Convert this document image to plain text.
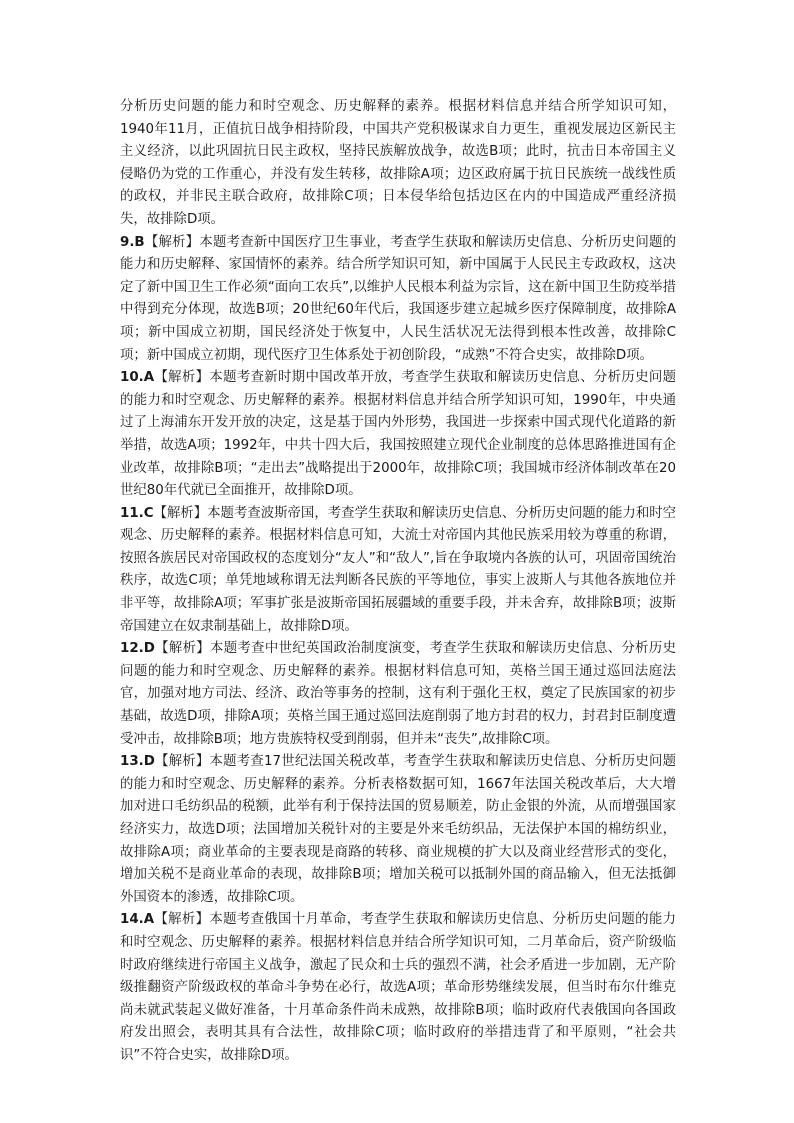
分析历史问题的能力和时空观念、历史解释的素养。根据材料信息并结合所学知识可知，1940年11月，正值抗日战争相持阶段，中国共产党积极谋求自力更生，重视发展边区新民主主义经济，以此巩固抗日民主政权，坚持民族解放战争，故选B项；此时，抗击日本帝国主义侵略仍为党的工作重心，并没有发生转移，故排除A项；边区政府属于抗日民族统一战线性质的政权，并非民主联合政府，故排除C项；日本侵华给包括边区在内的中国造成严重经济损失，故排除D项。

9.B【解析】本题考查新中国医疗卫生事业，考查学生获取和解读历史信息、分析历史问题的能力和历史解释、家国情怀的素养。结合所学知识可知，新中国属于人民民主专政政权，这决定了新中国卫生工作必须“面向工农兵”,以维护人民根本利益为宗旨，这在新中国卫生防疫举措中得到充分体现，故选B项；20世纪60年代后，我国逐步建立起城乡医疗保障制度，故排除A项；新中国成立初期，国民经济处于恢复中，人民生活状况无法得到根本性改善，故排除C项；新中国成立初期，现代医疗卫生体系处于初创阶段，“成熟”不符合史实，故排除D项。

10.A【解析】本题考查新时期中国改革开放，考查学生获取和解读历史信息、分析历史问题的能力和时空观念、历史解释的素养。根据材料信息并结合所学知识可知，1990年，中央通过了上海浦东开发开放的决定，这是基于国内外形势，我国进一步探索中国式现代化道路的新举措，故选A项；1992年，中共十四大后，我国按照建立现代企业制度的总体思路推进国有企业改革，故排除B项；“走出去”战略提出于2000年，故排除C项；我国城市经济体制改革在20世纪80年代就已全面推开，故排除D项。

11.C【解析】本题考查波斯帝国，考查学生获取和解读历史信息、分析历史问题的能力和时空观念、历史解释的素养。根据材料信息可知，大流士对帝国内其他民族采用较为尊重的称谓，按照各族居民对帝国政权的态度划分“友人”和“敌人”,旨在争取境内各族的认可，巩固帝国统治秩序，故选C项；单凭地域称谓无法判断各民族的平等地位，事实上波斯人与其他各族地位并非平等，故排除A项；军事扩张是波斯帝国拓展疆域的重要手段，并未舍弃，故排除B项；波斯帝国建立在奴隶制基础上，故排除D项。

12.D【解析】本题考查中世纪英国政治制度演变，考查学生获取和解读历史信息、分析历史问题的能力和时空观念、历史解释的素养。根据材料信息可知，英格兰国王通过巡回法庭法官，加强对地方司法、经济、政治等事务的控制，这有利于强化王权，奠定了民族国家的初步基础，故选D项，排除A项；英格兰国王通过巡回法庭削弱了地方封君的权力，封君封臣制度遭受冲击，故排除B项；地方贵族特权受到削弱，但并未“丧失”,故排除C项。

13.D【解析】本题考查17世纪法国关税改革，考查学生获取和解读历史信息、分析历史问题的能力和时空观念、历史解释的素养。分析表格数据可知，1667年法国关税改革后，大大增加对进口毛纺织品的税额，此举有利于保持法国的贸易顺差，防止金银的外流，从而增强国家经济实力，故选D项；法国增加关税针对的主要是外来毛纺织品，无法保护本国的棉纺织业，故排除A项；商业革命的主要表现是商路的转移、商业规模的扩大以及商业经营形式的变化，增加关税不是商业革命的表现，故排除B项；增加关税可以抵制外国的商品输入，但无法抵御外国资本的渗透，故排除C项。

14.A【解析】本题考查俄国十月革命，考查学生获取和解读历史信息、分析历史问题的能力和时空观念、历史解释的素养。根据材料信息并结合所学知识可知，二月革命后，资产阶级临时政府继续进行帝国主义战争，激起了民众和士兵的强烈不满，社会矛盾进一步加剧，无产阶级推翻资产阶级政权的革命斗争势在必行，故选A项；革命形势继续发展，但当时布尔什维克尚未就武装起义做好准备，十月革命条件尚未成熟，故排除B项；临时政府代表俄国向各国政府发出照会，表明其具有合法性，故排除C项；临时政府的举措违背了和平原则，“社会共识”不符合史实，故排除D项。
